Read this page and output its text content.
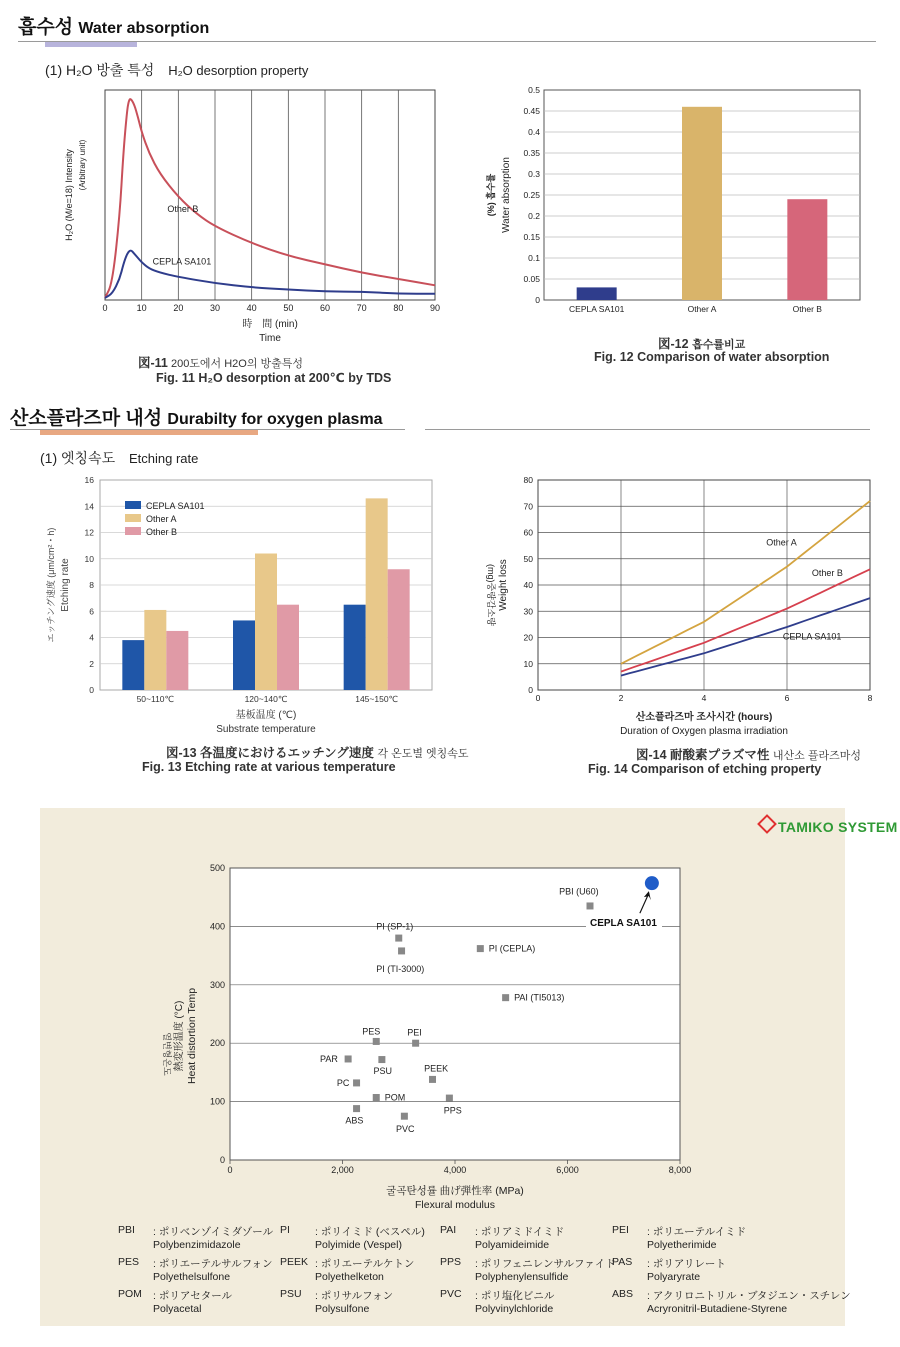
흡수성 Water absorption
(1) H₂O 방출 특성 H₂O desorption property
0	10	20	30	40	50	60	70	80	90
Other B
CEPLA SA101
時　間 (min)
Time
H₂O (M/e=18) Intensity (Arbitrary unit)
図-11 200도에서 H2O의 방출특성
Fig. 11 H₂O desorption at 200℃ by TDS
0
0.05
0.1
0.15
0.2
0.25
0.3
0.35
0.4
0.45
0.5
CEPLA SA101	Other A	Other B
(%) 흡수률 Water absorption
図-12 흡수률비교
Fig. 12 Comparison of water absorption
산소플라즈마 내성 Durabilty for oxygen plasma
(1) 엣칭속도 Etching rate
0
2
4
6
8
10
12
14
16
50~110℃	120~140℃	145~150℃
CEPLA SA101
Other A
Other B
基板温度 (℃)
Substrate temperature
エッチング速度 (μm/cm²・h) Etching rate
図-13 各温度におけるエッチング速度 각 온도별 엣칭속도
Fig. 13 Etching rate at various temperature
0
10
20
30
40
50
60
70
80
0	2	4	6	8
Other A
Other B
CEPLA SA101
산소플라즈마 조사시간 (hours)
Duration of Oxygen plasma irradiation
(mg)중량감소량 Weight loss
図-14 耐酸素プラズマ性 내산소 플라즈마성
Fig. 14 Comparison of etching property
TAMIKO SYSTEM
0
100
200
300
400
500
0	2,000	4,000	6,000	8,000
PBI (U60)
PI (SP-1)
PI (TI-3000)
PI (CEPLA)
PAI (TI5013)
PES	PEI
PAR
PSU	PEEK
PC
POM
PPS
ABS
PVC
CEPLA SA101
굴곡탄성률 曲げ弾性率 (MPa)
Flexural modulus
열변형온도 熱変形温度 (°C) Heat distortion Temp
PBI : ポリベンゾイミダゾール
Polybenzimidazole
PI : ポリイミド (ベスペル)
Polyimide (Vespel)
PAI : ポリアミドイミド
Polyamideimide
PEI : ポリエーテルイミド
Polyetherimide
PES : ポリエーテルサルフォン
Polyethelsulfone
PEEK : ポリエーテルケトン
Polyethelketon
PPS : ポリフェニレンサルファイド
Polyphenylensulfide
PAS : ポリアリレート
Polyaryrate
POM : ポリアセタール
Polyacetal
PSU : ポリサルフォン
Polysulfone
PVC : ポリ塩化ビニル
Polyvinylchloride
ABS : アクリロニトリル・ブタジエン・スチレン
Acryronitril-Butadiene-Styrene
